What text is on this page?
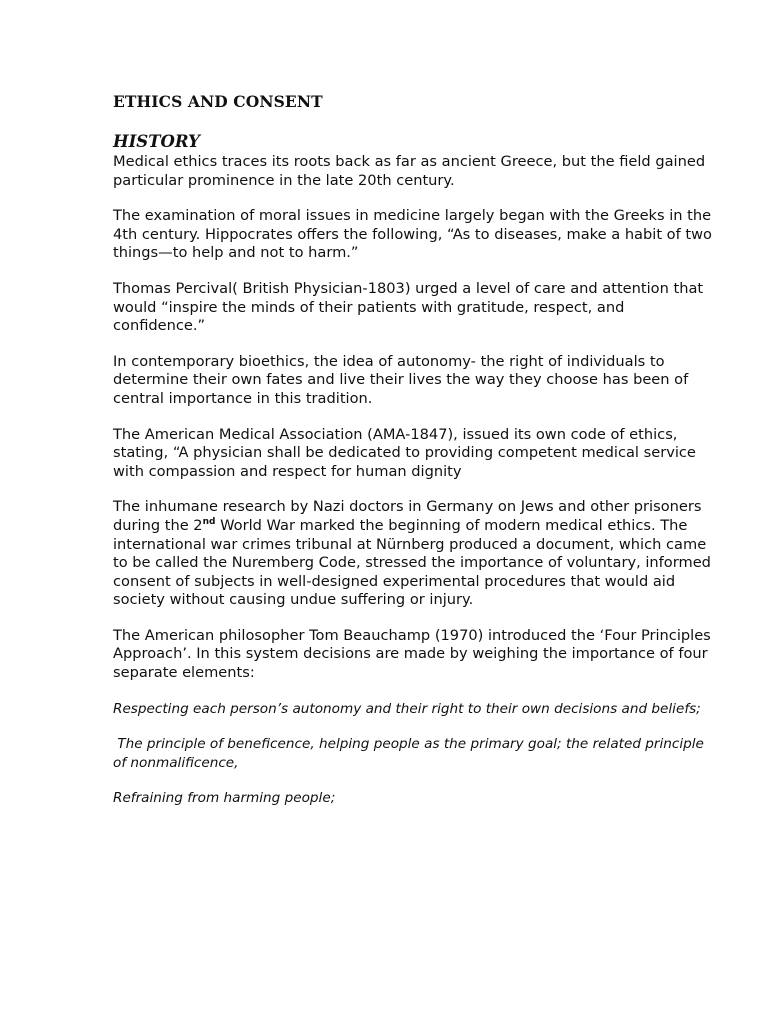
ETHICS AND CONSENT
HISTORY

Medical ethics traces its roots back as far as ancient Greece, but the field gained particular prominence in the late 20th century.

The examination of moral issues in medicine largely began with the Greeks in the 4th century. Hippocrates offers the following, “As to diseases, make a habit of two things—to help and not to harm.”

Thomas Percival( British Physician-1803) urged a level of care and attention that would “inspire the minds of their patients with gratitude, respect, and confidence.”

In contemporary bioethics, the idea of autonomy- the right of individuals to determine their own fates and live their lives the way they choose has been of central importance in this tradition.

The American Medical Association (AMA-1847), issued its own code of ethics, stating, “A physician shall be dedicated to providing competent medical service with compassion and respect for human dignity

The inhumane research by Nazi doctors in Germany on Jews and other prisoners during the 2nd World War marked the beginning of modern medical ethics. The international war crimes tribunal at Nürnberg produced a document, which came to be called the Nuremberg Code, stressed the importance of voluntary, informed consent of subjects in well-designed experimental procedures that would aid society without causing undue suffering or injury.

The American philosopher Tom Beauchamp (1970) introduced the ‘Four Principles Approach’. In this system decisions are made by weighing the importance of four separate elements:

Respecting each person’s autonomy and their right to their own decisions and beliefs;

The principle of beneficence, helping people as the primary goal; the related principle of nonmalificence,

Refraining from harming people;
